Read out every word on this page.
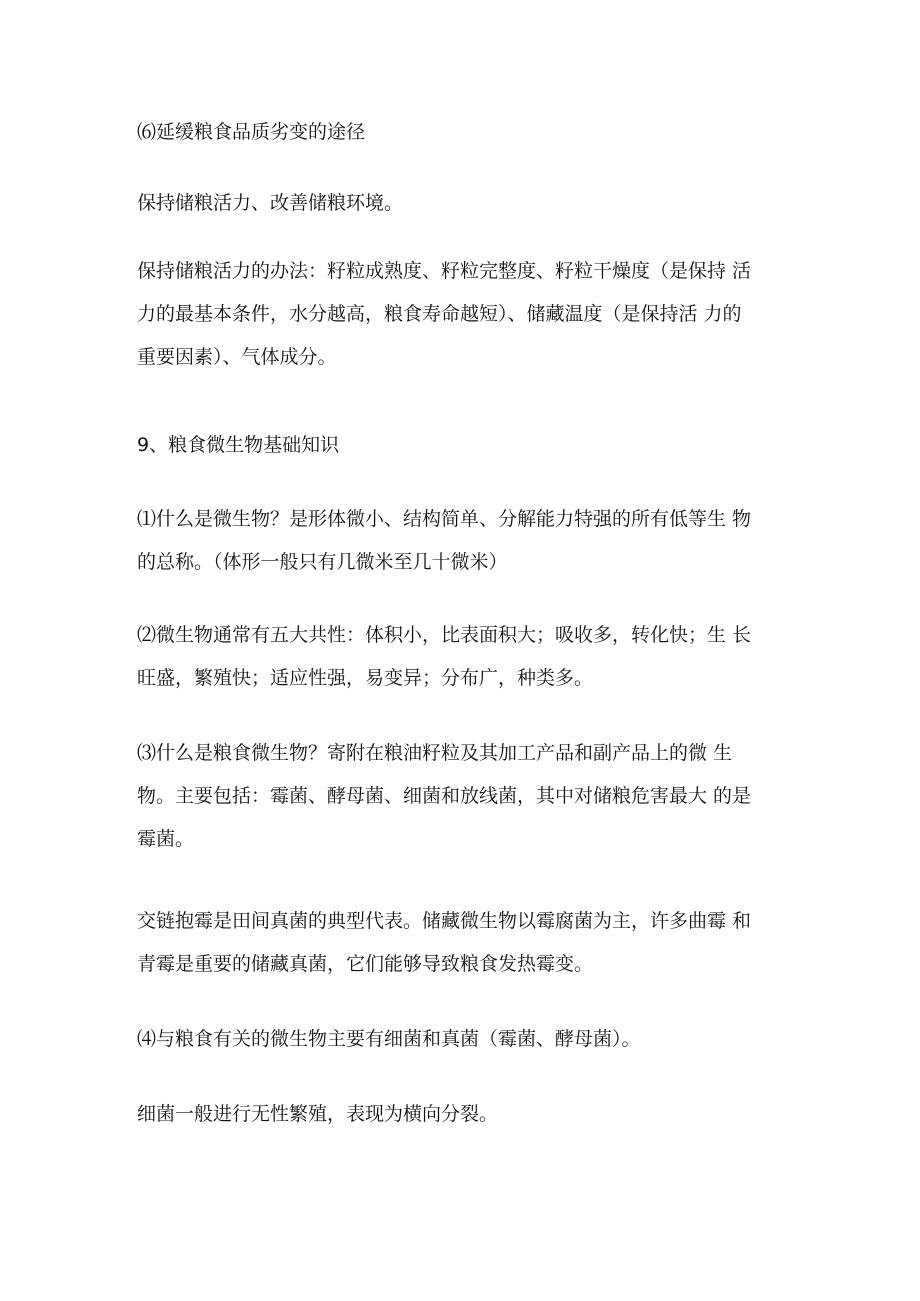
⑹延缓粮食品质劣变的途径

保持储粮活力、改善储粮环境。

保持储粮活力的办法：籽粒成熟度、籽粒完整度、籽粒干燥度（是保持 活
力的最基本条件，水分越高，粮食寿命越短）、储藏温度（是保持活 力的
重要因素）、气体成分。

9、粮食微生物基础知识

⑴什么是微生物？是形体微小、结构简单、分解能力特强的所有低等生 物
的总称。（体形一般只有几微米至几十微米）

⑵微生物通常有五大共性：体积小，比表面积大；吸收多，转化快；生 长
旺盛，繁殖快；适应性强，易变异；分布广，种类多。

⑶什么是粮食微生物？寄附在粮油籽粒及其加工产品和副产品上的微 生
物。主要包括：霉菌、酵母菌、细菌和放线菌，其中对储粮危害最大 的是
霉菌。

交链抱霉是田间真菌的典型代表。储藏微生物以霉腐菌为主，许多曲霉 和
青霉是重要的储藏真菌，它们能够导致粮食发热霉变。

⑷与粮食有关的微生物主要有细菌和真菌（霉菌、酵母菌）。

细菌一般进行无性繁殖，表现为横向分裂。
